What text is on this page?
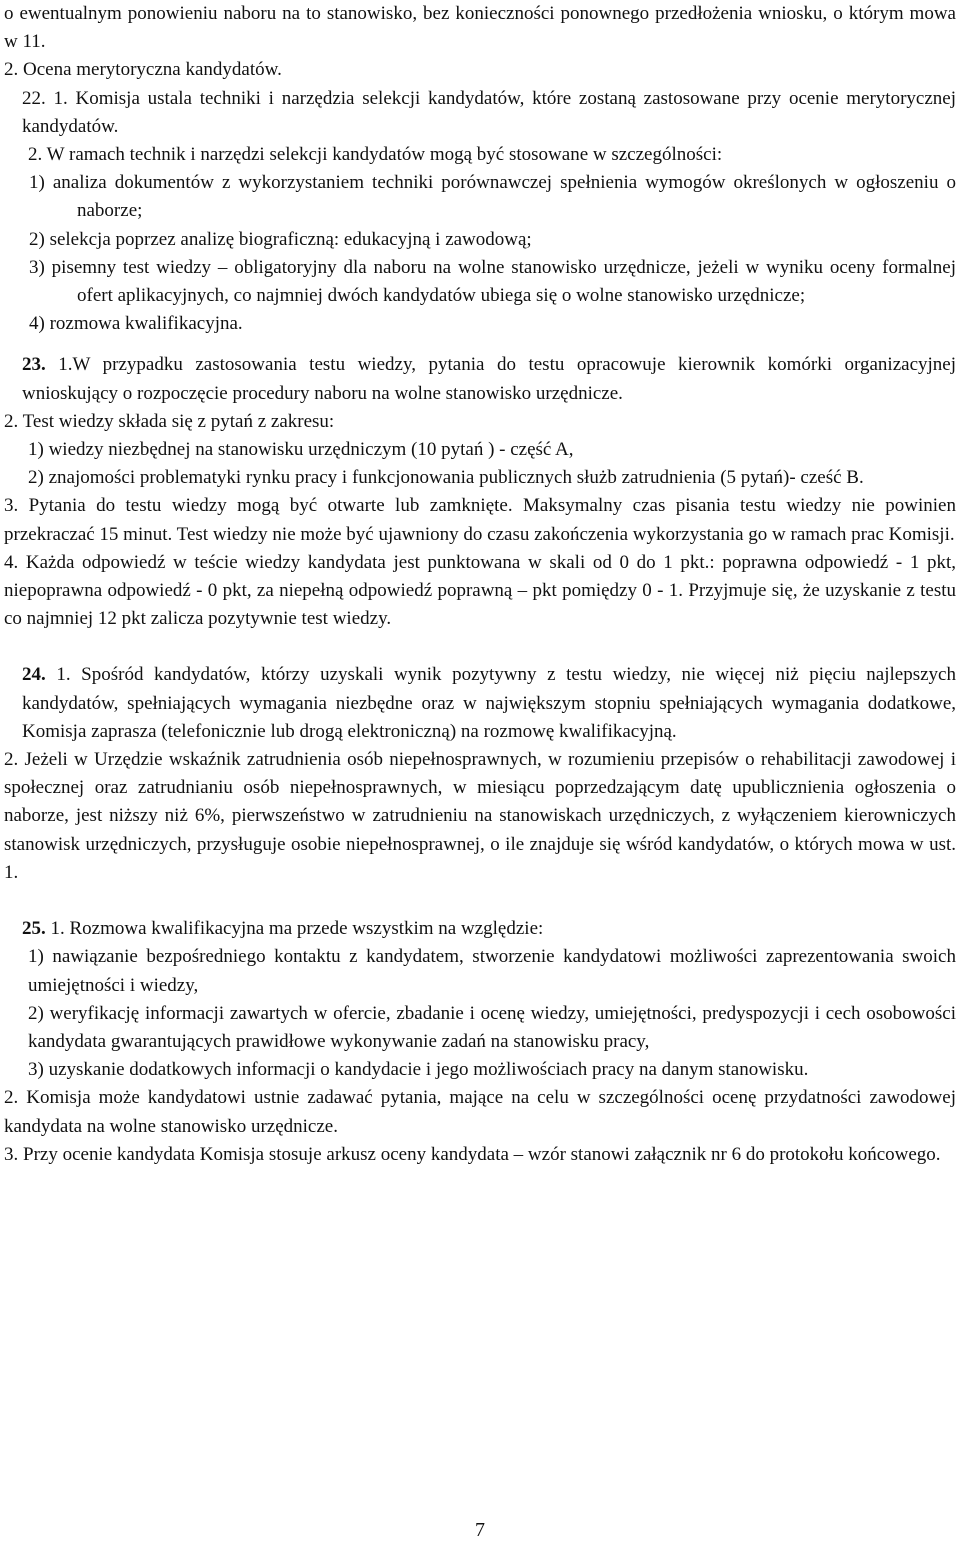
o ewentualnym ponowieniu naboru na to stanowisko, bez konieczności ponownego przedłożenia wniosku, o którym mowa w 11.

2. Ocena merytoryczna kandydatów.

22. 1. Komisja ustala techniki i narzędzia selekcji kandydatów, które zostaną zastosowane przy ocenie merytorycznej kandydatów.

2. W ramach technik i narzędzi selekcji kandydatów mogą być stosowane w szczególności:

1) analiza dokumentów z wykorzystaniem techniki porównawczej spełnienia wymogów określonych w ogłoszeniu o naborze;

2) selekcja poprzez analizę biograficzną: edukacyjną i zawodową;

3) pisemny test wiedzy – obligatoryjny dla naboru na wolne stanowisko urzędnicze, jeżeli w wyniku oceny formalnej ofert aplikacyjnych, co najmniej dwóch kandydatów ubiega się o wolne stanowisko urzędnicze;

4) rozmowa kwalifikacyjna.

23. 1.W przypadku zastosowania testu wiedzy, pytania do testu opracowuje kierownik komórki organizacyjnej wnioskujący o rozpoczęcie procedury naboru na wolne stanowisko urzędnicze.

2. Test wiedzy składa się z pytań z zakresu:

1) wiedzy niezbędnej na stanowisku urzędniczym (10 pytań ) - część A,

2) znajomości problematyki rynku pracy i funkcjonowania publicznych służb zatrudnienia (5 pytań)- cześć B.

3. Pytania do testu wiedzy mogą być otwarte lub zamknięte. Maksymalny czas pisania testu wiedzy nie powinien przekraczać 15 minut. Test wiedzy nie może być ujawniony do czasu zakończenia wykorzystania go w ramach prac Komisji.

4. Każda odpowiedź w teście wiedzy kandydata jest punktowana w skali od 0 do 1 pkt.: poprawna odpowiedź - 1 pkt, niepoprawna odpowiedź - 0 pkt, za niepełną odpowiedź poprawną – pkt pomiędzy 0 - 1. Przyjmuje się, że uzyskanie z testu co najmniej 12 pkt zalicza pozytywnie test wiedzy.

24. 1. Spośród kandydatów, którzy uzyskali wynik pozytywny z testu wiedzy, nie więcej niż pięciu najlepszych kandydatów, spełniających wymagania niezbędne oraz w największym stopniu spełniających wymagania dodatkowe, Komisja zaprasza (telefonicznie lub drogą elektroniczną) na rozmowę kwalifikacyjną.

2. Jeżeli w Urzędzie wskaźnik zatrudnienia osób niepełnosprawnych, w rozumieniu przepisów o rehabilitacji zawodowej i społecznej oraz zatrudnianiu osób niepełnosprawnych, w miesiącu poprzedzającym datę upublicznienia ogłoszenia o naborze, jest niższy niż 6%, pierwszeństwo w zatrudnieniu na stanowiskach urzędniczych, z wyłączeniem kierowniczych stanowisk urzędniczych, przysługuje osobie niepełnosprawnej, o ile znajduje się wśród kandydatów, o których mowa w ust. 1.

25. 1. Rozmowa kwalifikacyjna ma przede wszystkim na względzie:

1) nawiązanie bezpośredniego kontaktu z kandydatem, stworzenie kandydatowi możliwości zaprezentowania swoich umiejętności i wiedzy,

2) weryfikację informacji zawartych w ofercie, zbadanie i ocenę wiedzy, umiejętności, predyspozycji i cech osobowości kandydata gwarantujących prawidłowe wykonywanie zadań na stanowisku pracy,

3) uzyskanie dodatkowych informacji o kandydacie i jego możliwościach pracy na danym stanowisku.

2. Komisja może kandydatowi ustnie zadawać pytania, mające na celu w szczególności ocenę przydatności zawodowej kandydata na wolne stanowisko urzędnicze.

3. Przy ocenie kandydata Komisja stosuje arkusz oceny kandydata – wzór stanowi załącznik nr 6 do protokołu końcowego.

7
